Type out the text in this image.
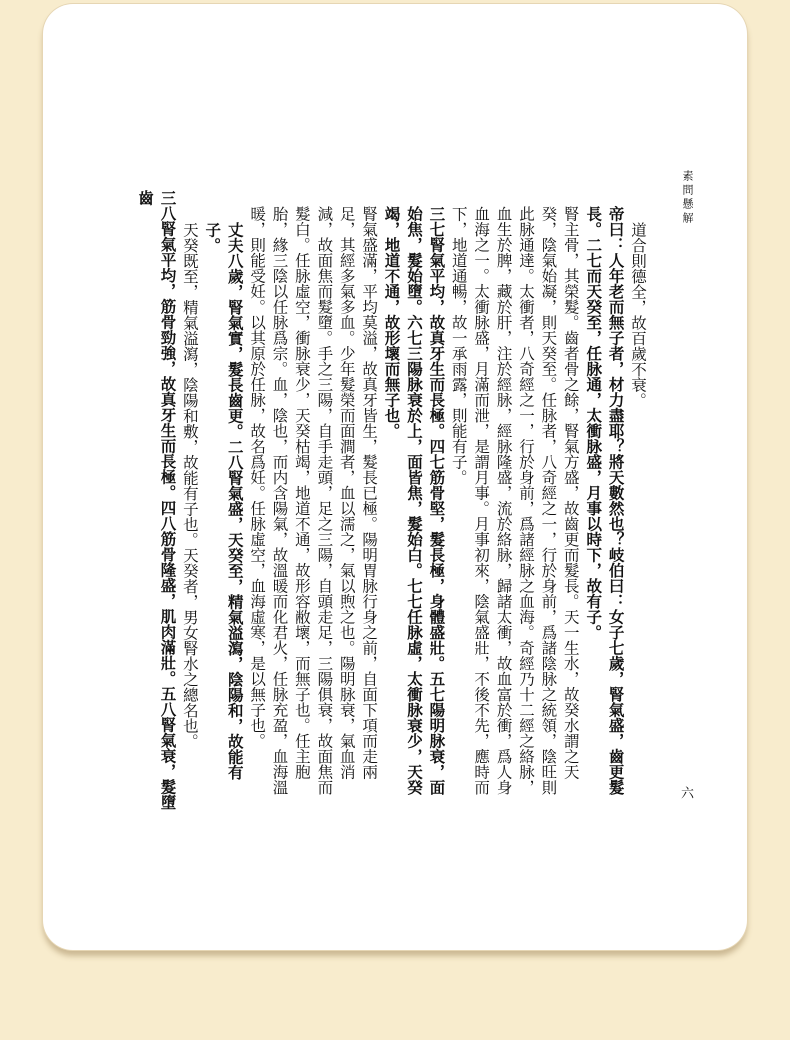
素問懸解
六

道合則德全，故百歲不衰。

帝曰：人年老而無子者，材力盡耶？將天數然也？岐伯曰：女子七歲，腎氣盛，齒更髮長。二七而天癸至，任脉通，太衝脉盛，月事以時下，故有子。

腎主骨，其榮髮。齒者骨之餘，腎氣方盛，故齒更而髮長。天一生水，故癸水謂之天癸，陰氣始凝，則天癸至。任脉者，八奇經之一，行於身前，爲諸陰脉之統領，陰旺則此脉通達。太衝者，八奇經之一，行於身前，爲諸經脉之血海。奇經乃十二經之絡脉，血生於脾，藏於肝，注於經脉，經脉隆盛，流於絡脉，歸諸太衝，故血富於衝，爲人身血海之一。太衝脉盛，月滿而泄，是謂月事。月事初來，陰氣盛壯，不後不先，應時而下，地道通暢，故一承雨露，則能有子。

三七腎氣平均，故真牙生而長極。四七筋骨堅，髮長極，身體盛壯。五七陽明脉衰，面始焦，髮始墮。六七三陽脉衰於上，面皆焦，髮始白。七七任脉虛，太衝脉衰少，天癸竭，地道不通，故形壞而無子也。

腎氣盛滿，平均莫溢，故真牙皆生，髮長已極。陽明胃脉行身之前，自面下項而走兩足，其經多氣多血。少年髮榮而面澗者，血以濡之，氣以煦之也。陽明脉衰，氣血消減，故面焦而髮墮。手之三陽，自手走頭，足之三陽，自頭走足，三陽俱衰，故面焦而髮白。任脉虛空，衝脉衰少，天癸枯竭，地道不通，故形容敝壞，而無子也。任主胞胎，緣三陰以任脉爲宗。血，陰也，而内含陽氣，故溫暖而化君火，任脉充盈，血海溫暖，則能受妊。以其原於任脉，故名爲妊。任脉虛空，血海虛寒，是以無子也。

丈夫八歲，腎氣實，髮長齒更。二八腎氣盛，天癸至，精氣溢瀉，陰陽和，故能有子。

天癸既至，精氣溢瀉，陰陽和敷，故能有子也。天癸者，男女腎水之總名也。

三八腎氣平均，筋骨勁強，故真牙生而長極。四八筋骨隆盛，肌肉滿壯。五八腎氣衰，髮墮齒
